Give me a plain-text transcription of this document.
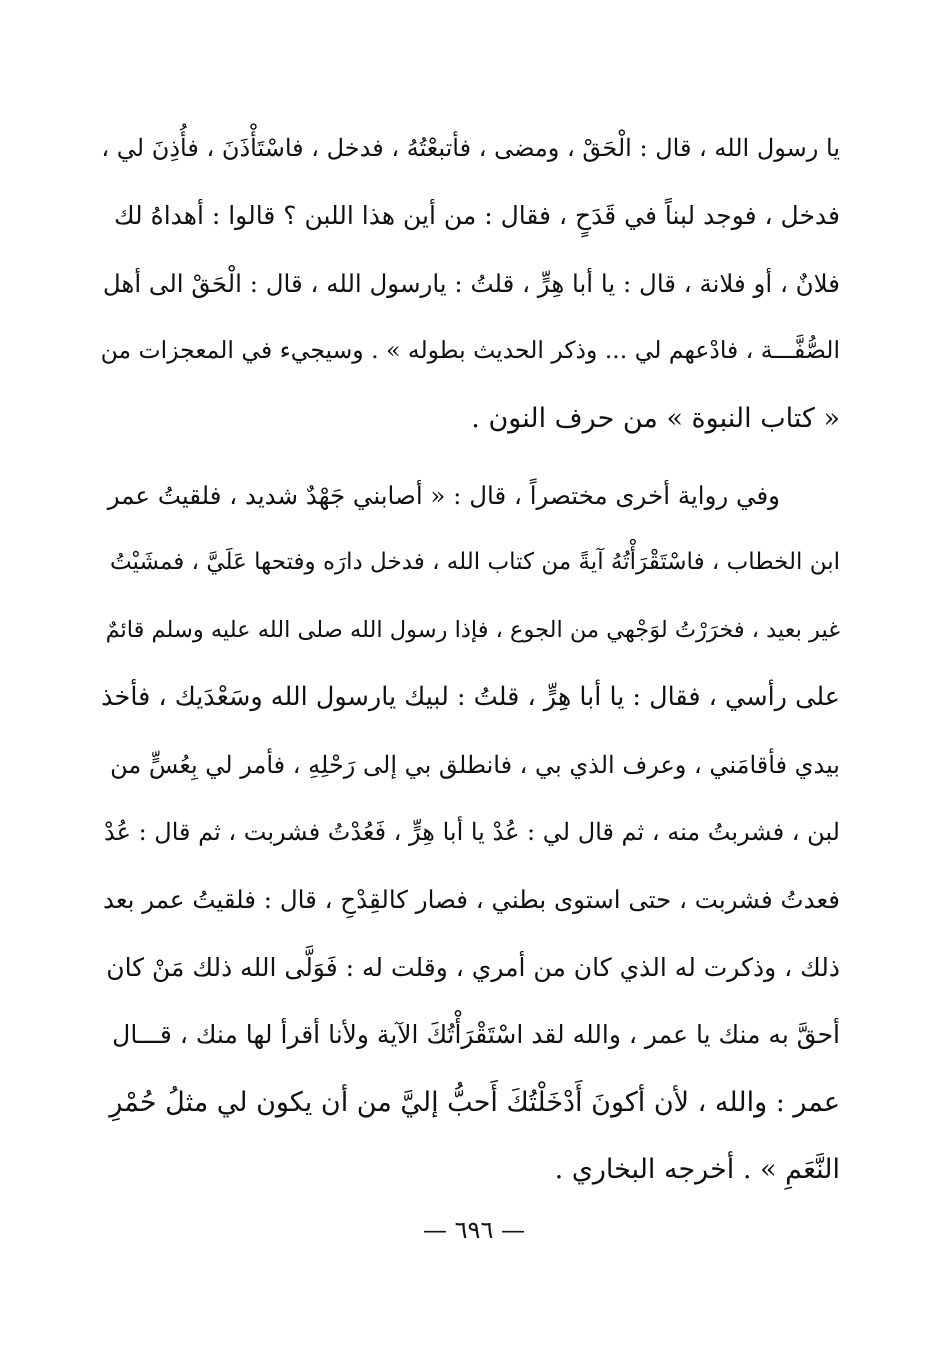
يا رسول الله ، قال : الْحَقْ ، ومضى ، فأتبعْتُهُ ، فدخل ، فاسْتَأْذَنَ ، فأُذِنَ لي ،
فدخل ، فوجد لبناً في قَدَحٍ ، فقال : من أين هذا اللبن ؟ قالوا : أهداهُ لك
فلانٌ ، أو فلانة ، قال : يا أبا هِرٍّ ، قلتُ : يارسول الله ، قال : الْحَقْ الى أهل
الصُّفَّـــة ، فادْعهم لي ... وذكر الحديث بطوله » . وسيجيء في المعجزات من
« كتاب النبوة » من حرف النون .
وفي رواية أخرى مختصراً ، قال : « أصابني جَهْدٌ شديد ، فلقيتُ عمر
ابن الخطاب ، فاسْتَقْرَأْتُهُ آيةً من كتاب الله ، فدخل دارَه وفتحها عَلَيَّ ، فمشَيْتُ
غير بعيد ، فخرَرْتُ لوَجْهي من الجوع ، فإذا رسول الله صلى الله عليه وسلم قائمٌ
على رأسي ، فقال : يا أبا هِرٍّ ، قلتُ : لبيك يارسول الله وسَعْدَيك ، فأخذ
بيدي فأقامَني ، وعرف الذي بي ، فانطلق بي إلى رَحْلِهِ ، فأمر لي بِعُسٍّ من
لبن ، فشربتُ منه ، ثم قال لي : عُدْ يا أبا هِرٍّ ، فَعُدْتُ فشربت ، ثم قال : عُدْ
فعدتُ فشربت ، حتى استوى بطني ، فصار كالقِدْحِ ، قال : فلقيتُ عمر بعد
ذلك ، وذكرت له الذي كان من أمري ، وقلت له : فَوَلَّى الله ذلك مَنْ كان
أحقَّ به منك يا عمر ، والله لقد اسْتَقْرَأْتُكَ الآية ولأنا أقرأ لها منك ، قـــال
عمر : والله ، لأن أكونَ أَدْخَلْتُكَ أَحبُّ إليَّ من أن يكون لي مثلُ حُمْرِ
النَّعَمِ » . أخرجه البخاري .
— ٦٩٦ —
